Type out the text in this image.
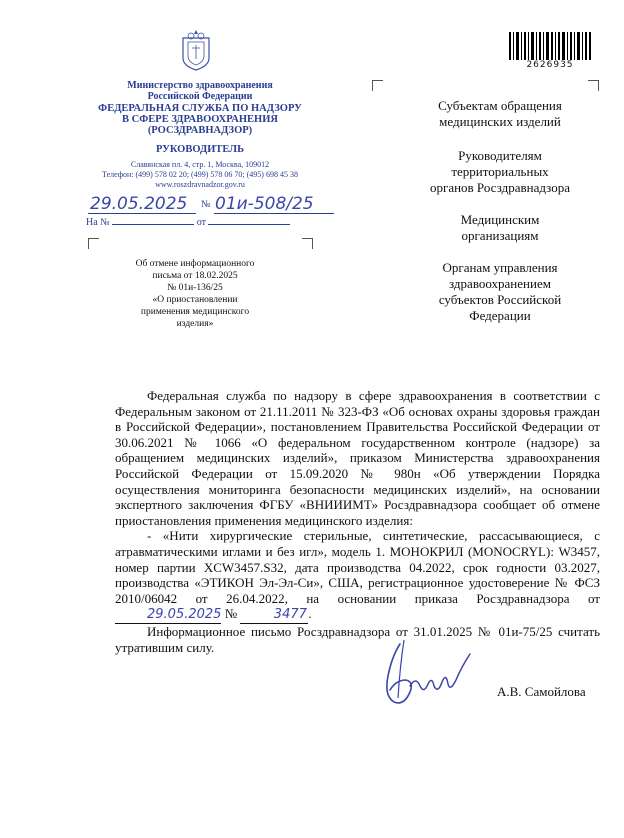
2626935
Министерство здравоохранения
Российской Федерации
ФЕДЕРАЛЬНАЯ СЛУЖБА ПО НАДЗОРУ
В СФЕРЕ ЗДРАВООХРАНЕНИЯ
(РОСЗДРАВНАДЗОР)
РУКОВОДИТЕЛЬ
Славянская пл. 4, стр. 1, Москва, 109012
Телефон: (499) 578 02 20; (499) 578 06 70; (495) 698 45 38
www.roszdravnadzor.gov.ru
29.05.2025 № 01и-508/25
На №	от
Об отмене информационного
письма от 18.02.2025
№ 01и-136/25
«О приостановлении
применения медицинского
изделия»
Субъектам обращения медицинских изделий
Руководителям
территориальных
органов Росздравнадзора
Медицинским
организациям
Органам управления
здравоохранением
субъектов Российской
Федерации

Федеральная служба по надзору в сфере здравоохранения в соответствии с Федеральным законом от 21.11.2011 № 323-ФЗ «Об основах охраны здоровья граждан в Российской Федерации», постановлением Правительства Российской Федерации от 30.06.2021 № 1066 «О федеральном государственном контроле (надзоре) за обращением медицинских изделий», приказом Министерства здравоохранения Российской Федерации от 15.09.2020 № 980н «Об утверждении Порядка осуществления мониторинга безопасности медицинских изделий», на основании экспертного заключения ФГБУ «ВНИИИМТ» Росздравнадзора сообщает об отмене приостановления применения медицинского изделия:

- «Нити хирургические стерильные, синтетические, рассасывающиеся, с атравматическими иглами и без игл», модель 1. МОНОКРИЛ (MONOCRYL): W3457, номер партии XCW3457.S32, дата производства 04.2022, срок годности 03.2027, производства «ЭТИКОН Эл-Эл-Си», США, регистрационное удостоверение № ФСЗ 2010/06042 от 26.04.2022, на основании приказа Росздравнадзора от 29.05.2025 №	3477.

Информационное письмо Росздравнадзора от 31.01.2025 № 01и-75/25 считать утратившим силу.

А.В. Самойлова
